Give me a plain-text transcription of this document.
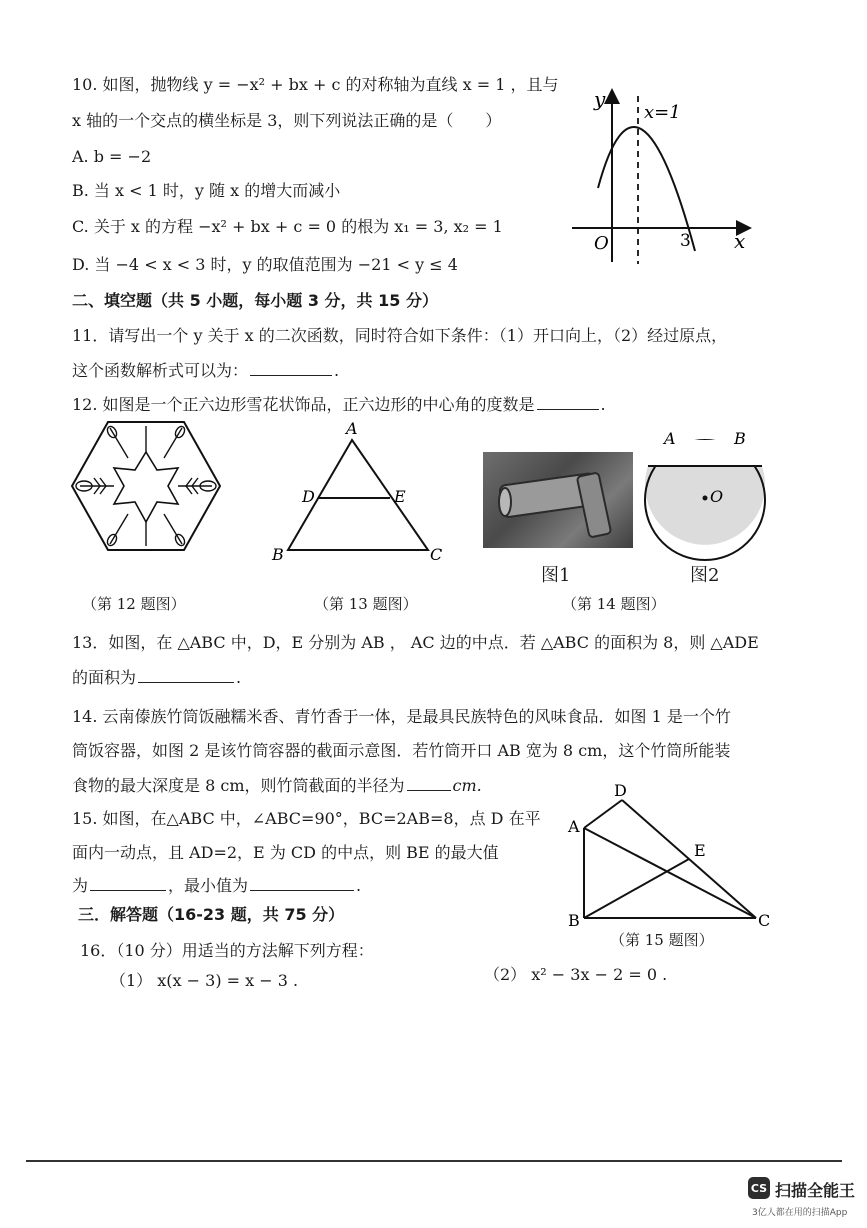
10. 如图，抛物线 y = −x² + bx + c 的对称轴为直线 x = 1 ，且与
x 轴的一个交点的横坐标是 3，则下列说法正确的是（　　）
A. b = −2
B. 当 x < 1 时，y 随 x 的增大而减小
C. 关于 x 的方程 −x² + bx + c = 0 的根为 x₁ = 3, x₂ = 1
D. 当 −4 < x < 3 时，y 的取值范围为 −21 < y ≤ 4
y
x
x=1
O	3
二、填空题（共 5 小题，每小题 3 分，共 15 分）
11．请写出一个 y 关于 x 的二次函数，同时符合如下条件：（1）开口向上，（2）经过原点，
这个函数解析式可以为：	.
12. 如图是一个正六边形雪花状饰品，正六边形的中心角的度数是	.
（第 12 题图）
A
B	C
D	E
（第 13 题图）
图1
A	B
O
图2
（第 14 题图）
13．如图，在 △ABC 中，D，E 分别为 AB ， AC 边的中点．若 △ABC 的面积为 8，则 △ADE
的面积为	.
14. 云南傣族竹筒饭融糯米香、青竹香于一体，是最具民族特色的风味食品．如图 1 是一个竹
筒饭容器，如图 2 是该竹筒容器的截面示意图．若竹筒开口 AB 宽为 8 cm，这个竹筒所能装
食物的最大深度是 8 cm，则竹筒截面的半径为	cm.
15. 如图，在△ABC 中，∠ABC=90°，BC=2AB=8，点 D 在平
面内一动点，且 AD=2，E 为 CD 的中点，则 BE 的最大值
为	，最小值为	.
D
A
E
B	C
（第 15 题图）
三．解答题（16-23 题，共 75 分）
16．（10 分）用适当的方法解下列方程：
（1） x(x − 3) = x − 3 .	（2） x² − 3x − 2 = 0 .
CS 扫描全能王
3亿人都在用的扫描App
